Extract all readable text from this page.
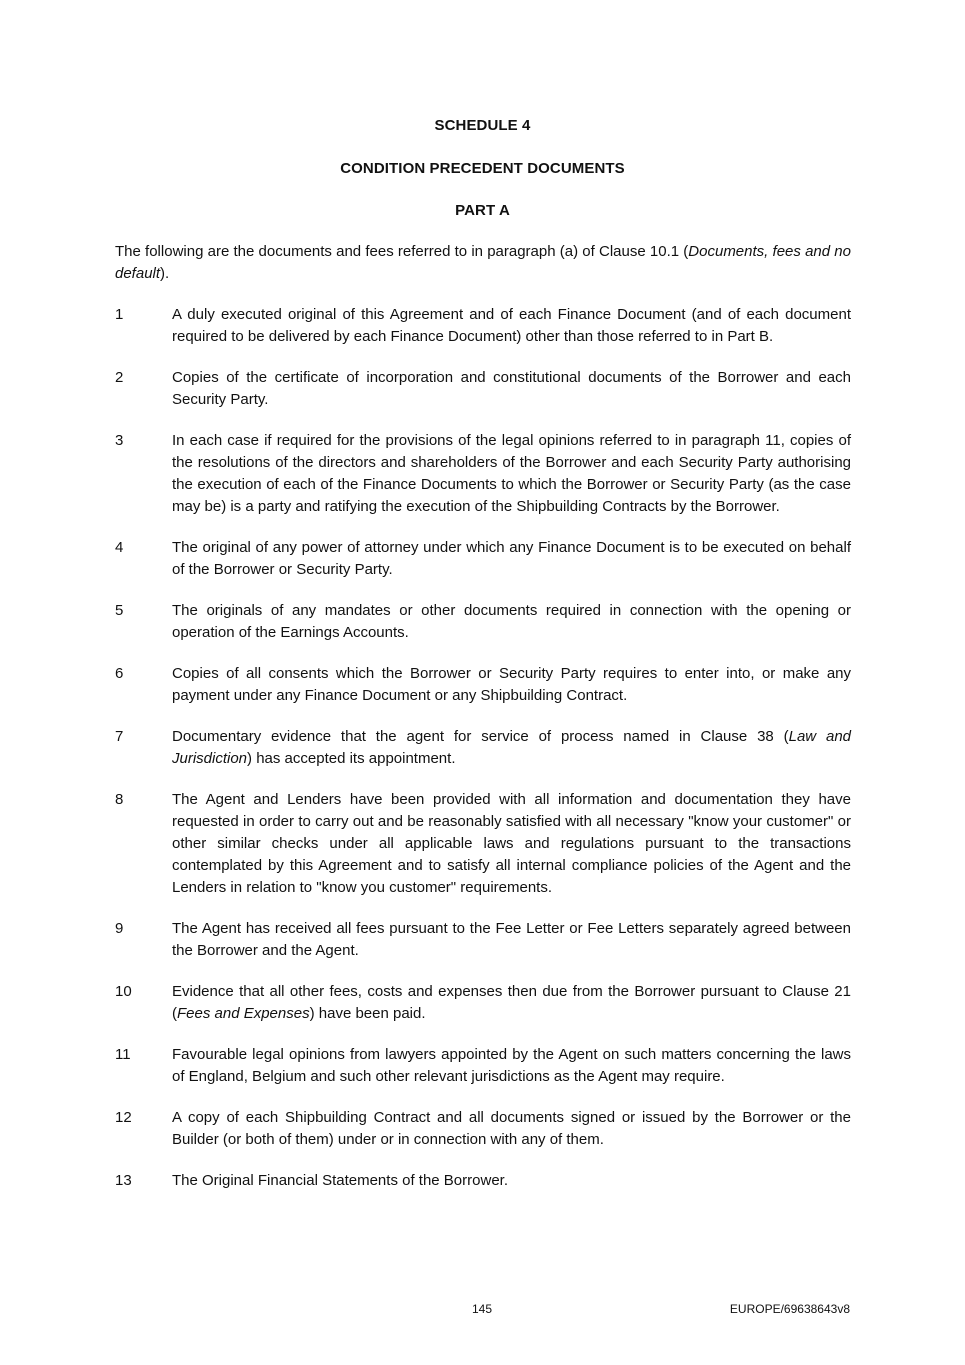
SCHEDULE 4
CONDITION PRECEDENT DOCUMENTS
PART A
The following are the documents and fees referred to in paragraph (a) of Clause 10.1 (Documents, fees and no default).
1	A duly executed original of this Agreement and of each Finance Document (and of each document required to be delivered by each Finance Document) other than those referred to in Part B.
2	Copies of the certificate of incorporation and constitutional documents of the Borrower and each Security Party.
3	In each case if required for the provisions of the legal opinions referred to in paragraph 11, copies of the resolutions of the directors and shareholders of the Borrower and each Security Party authorising the execution of each of the Finance Documents to which the Borrower or Security Party (as the case may be) is a party and ratifying the execution of the Shipbuilding Contracts by the Borrower.
4	The original of any power of attorney under which any Finance Document is to be executed on behalf of the Borrower or Security Party.
5	The originals of any mandates or other documents required in connection with the opening or operation of the Earnings Accounts.
6	Copies of all consents which the Borrower or Security Party requires to enter into, or make any payment under any Finance Document or any Shipbuilding Contract.
7	Documentary evidence that the agent for service of process named in Clause 38 (Law and Jurisdiction) has accepted its appointment.
8	The Agent and Lenders have been provided with all information and documentation they have requested in order to carry out and be reasonably satisfied with all necessary "know your customer" or other similar checks under all applicable laws and regulations pursuant to the transactions contemplated by this Agreement and to satisfy all internal compliance policies of the Agent and the Lenders in relation to "know you customer" requirements.
9	The Agent has received all fees pursuant to the Fee Letter or Fee Letters separately agreed between the Borrower and the Agent.
10	Evidence that all other fees, costs and expenses then due from the Borrower pursuant to Clause 21 (Fees and Expenses) have been paid.
11	Favourable legal opinions from lawyers appointed by the Agent on such matters concerning the laws of England, Belgium and such other relevant jurisdictions as the Agent may require.
12	A copy of each Shipbuilding Contract and all documents signed or issued by the Borrower or the Builder (or both of them) under or in connection with any of them.
13	The Original Financial Statements of the Borrower.
145	EUROPE/69638643v8
